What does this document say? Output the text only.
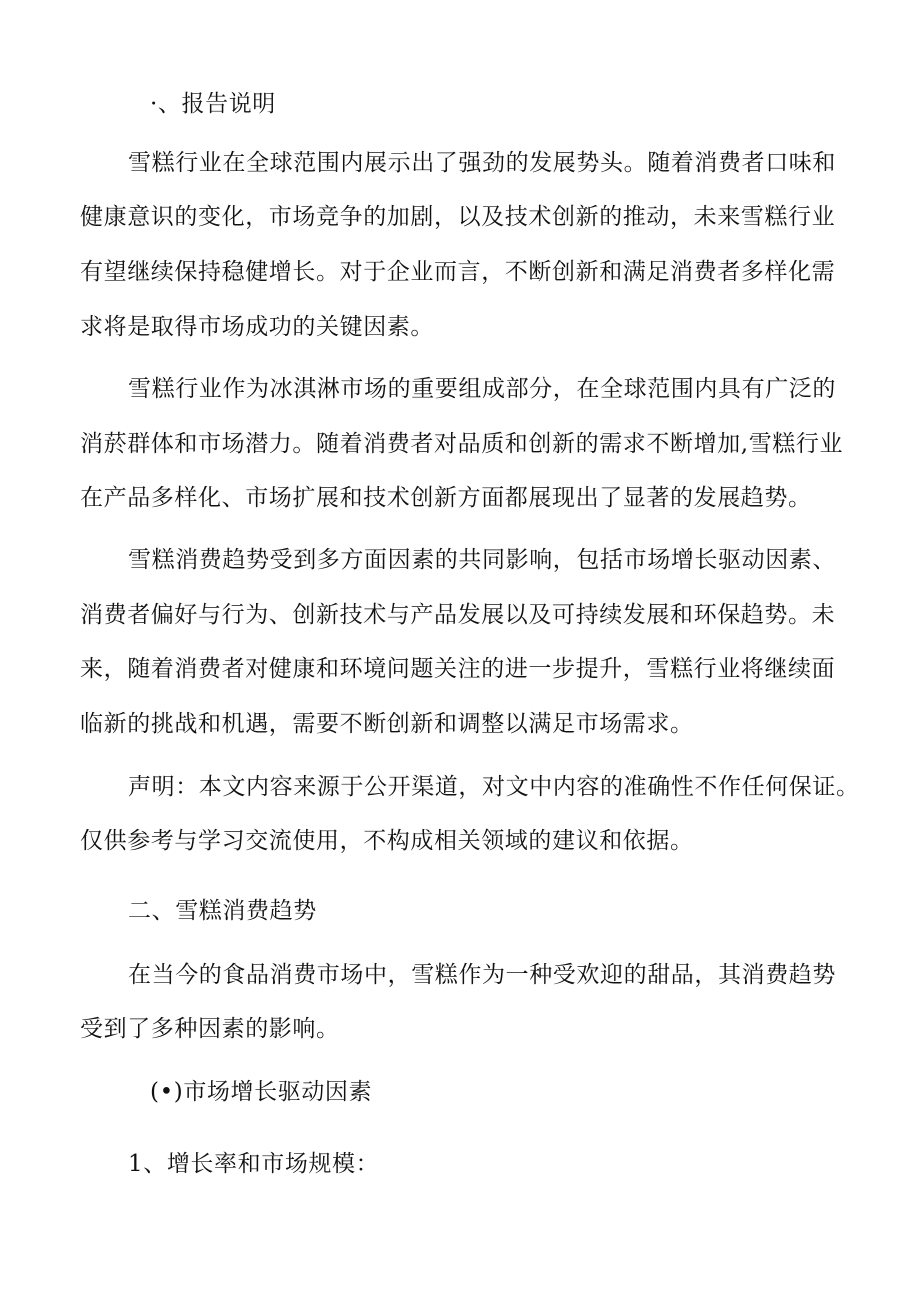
·、报告说明
雪糕行业在全球范围内展示出了强劲的发展势头。随着消费者口味和
健康意识的变化，市场竞争的加剧，以及技术创新的推动，未来雪糕行业
有望继续保持稳健增长。对于企业而言，不断创新和满足消费者多样化需
求将是取得市场成功的关键因素。
雪糕行业作为冰淇淋市场的重要组成部分，在全球范围内具有广泛的
消菸群体和市场潜力。随着消费者对品质和创新的需求不断增加,雪糕行业
在产品多样化、市场扩展和技术创新方面都展现出了显著的发展趋势。
雪糕消费趋势受到多方面因素的共同影响，包括市场增长驱动因素、
消费者偏好与行为、创新技术与产品发展以及可持续发展和环保趋势。未
来，随着消费者对健康和环境问题关注的进一步提升，雪糕行业将继续面
临新的挑战和机遇，需要不断创新和调整以满足市场需求。
声明：本文内容来源于公开渠道，对文中内容的准确性不作任何保证。
仅供参考与学习交流使用，不构成相关领域的建议和依据。
二、雪糕消费趋势
在当今的食品消费市场中，雪糕作为一种受欢迎的甜品，其消费趋势
受到了多种因素的影响。
(•)市场增长驱动因素
1、增长率和市场规模：
